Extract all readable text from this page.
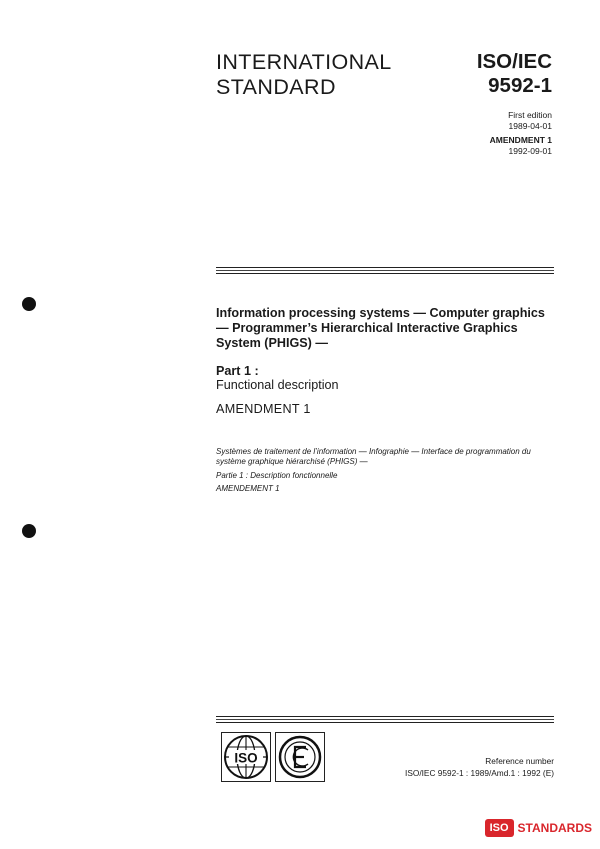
INTERNATIONAL
STANDARD
ISO/IEC
9592-1
First edition
1989-04-01
AMENDMENT 1
1992-09-01
Information processing systems — Computer graphics — Programmer’s Hierarchical Interactive Graphics System (PHIGS) —
Part 1 :
Functional description
AMENDMENT 1
Systèmes de traitement de l’information — Infographie — Interface de programmation du système graphique hiérarchisé (PHIGS) —
Partie 1 : Description fonctionnelle
AMENDEMENT 1
ISO	Reference number
ISO/IEC 9592-1 : 1989/Amd.1 : 1992 (E)
ISO STANDARDS
